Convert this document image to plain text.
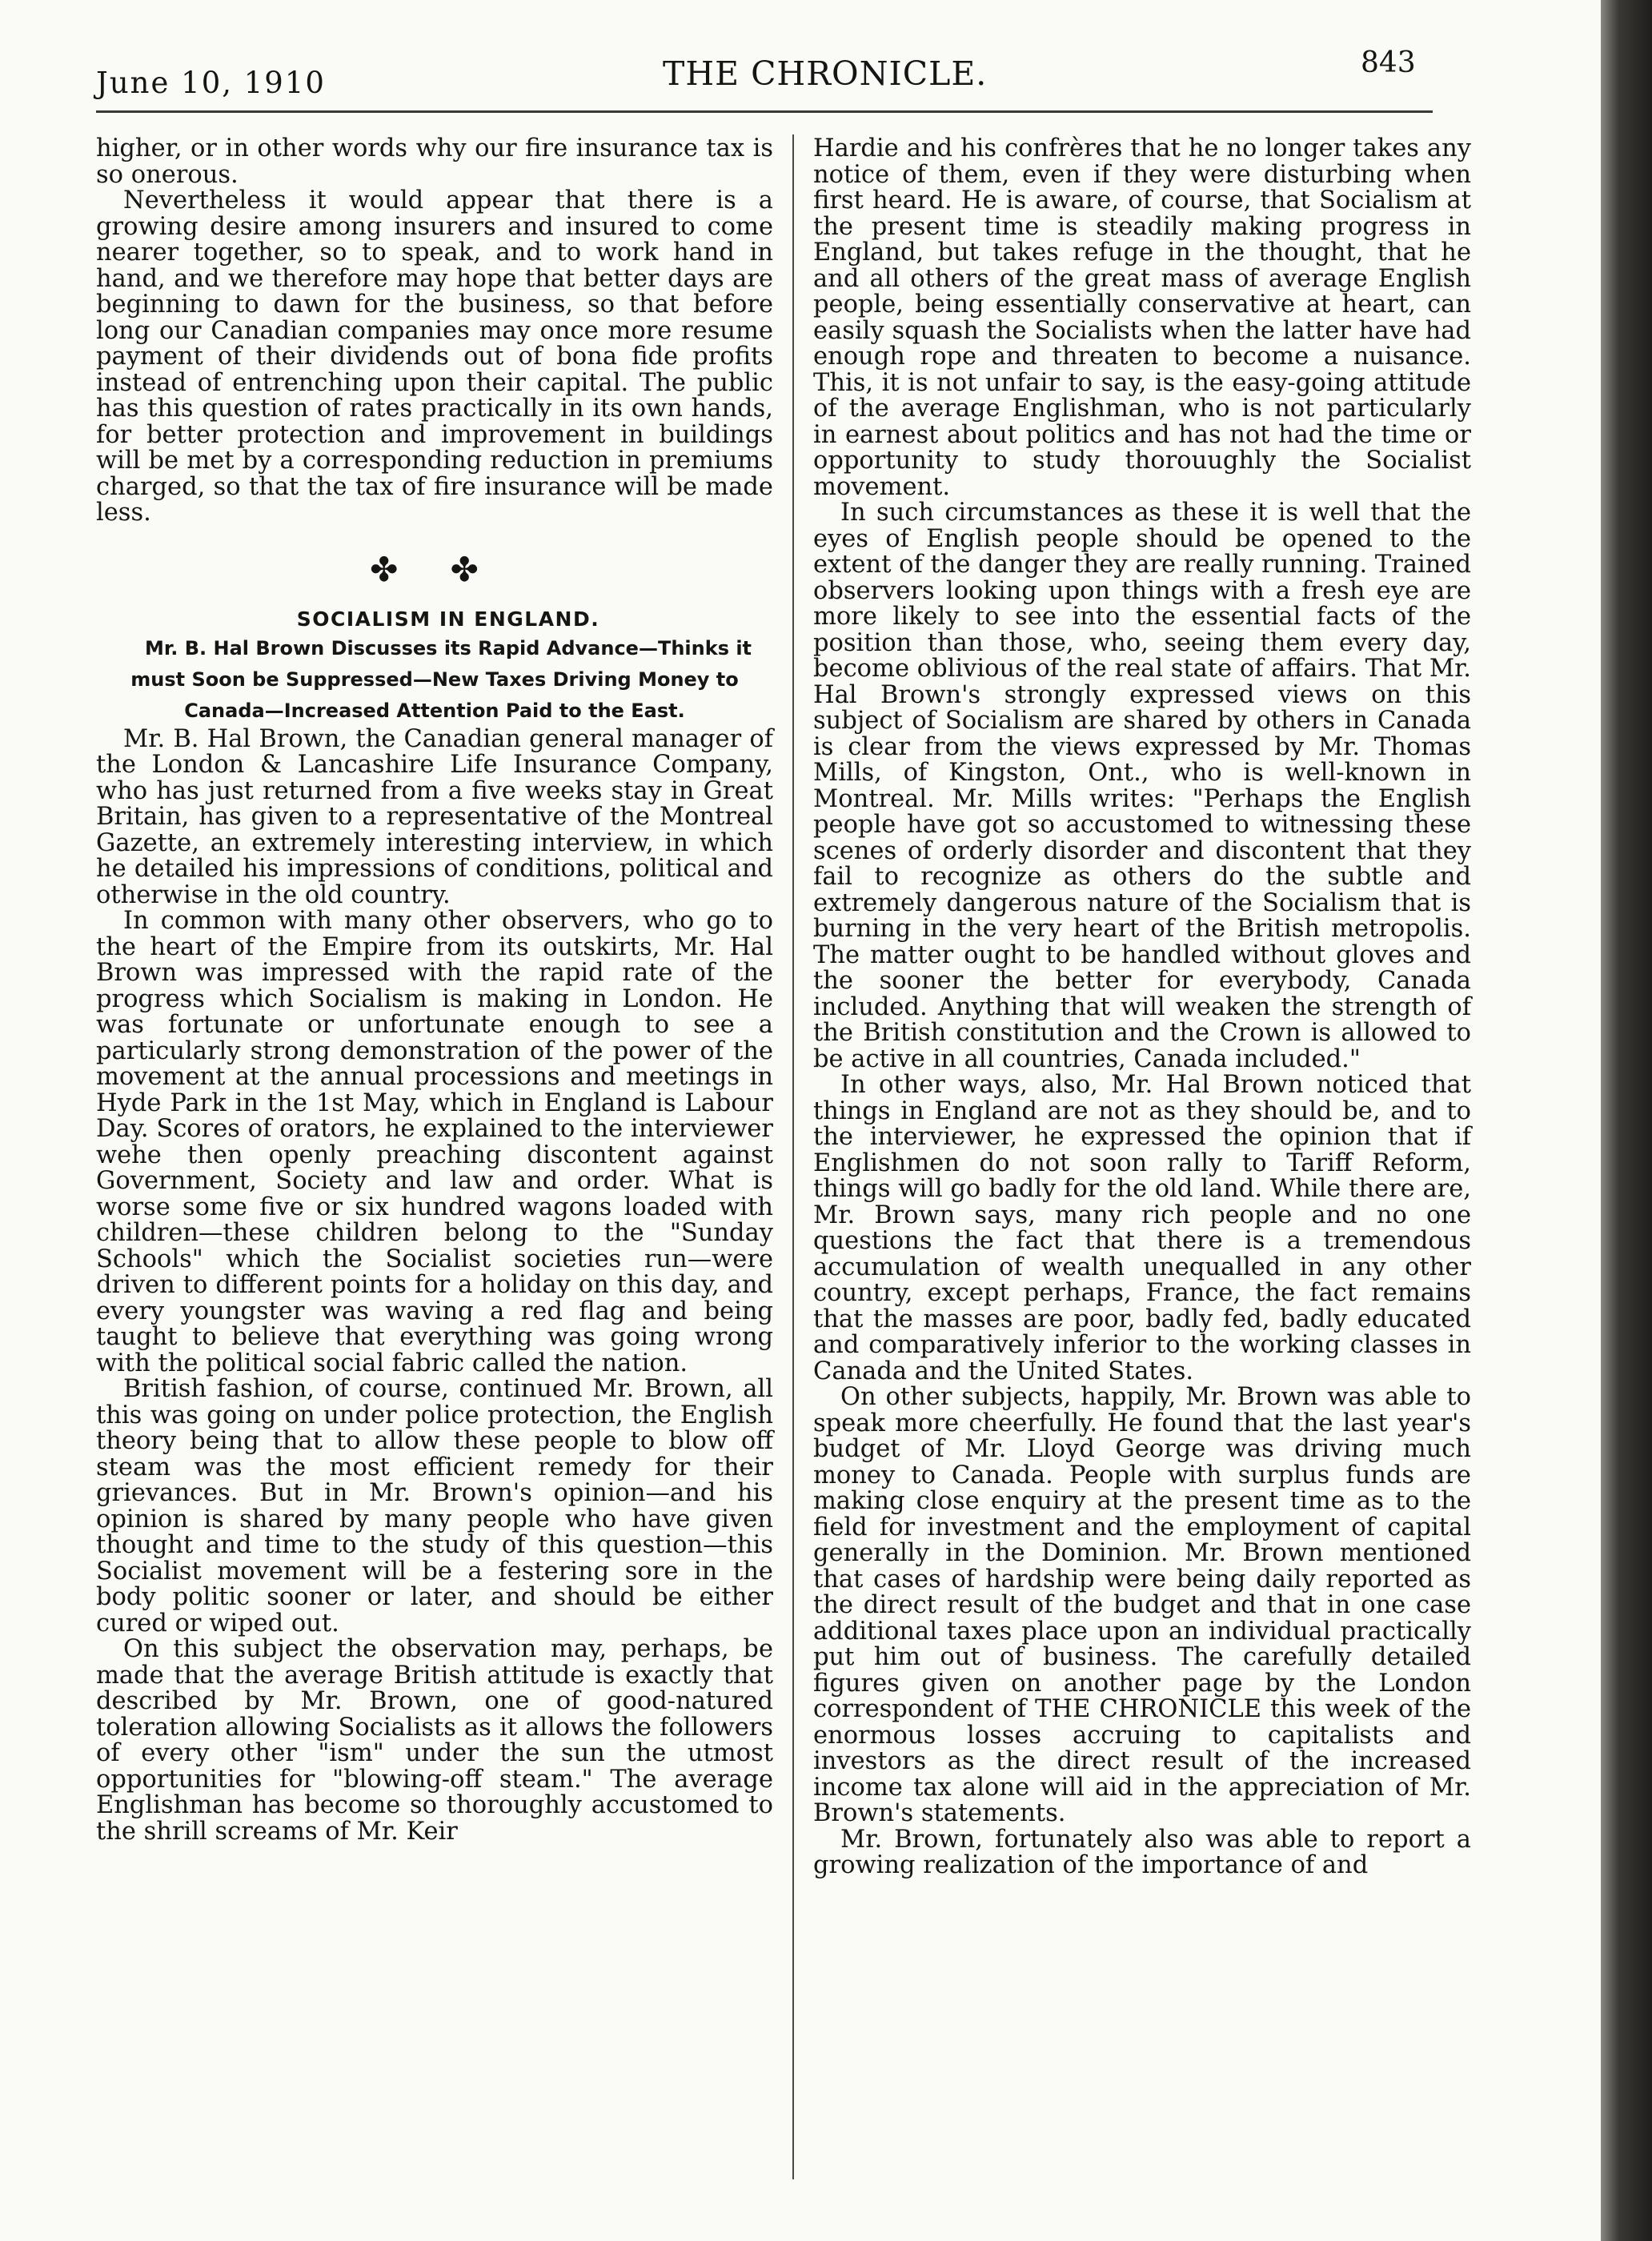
June 10, 1910	THE CHRONICLE.	843

higher, or in other words why our fire insurance tax is so onerous.

Nevertheless it would appear that there is a growing desire among insurers and insured to come nearer together, so to speak, and to work hand in hand, and we therefore may hope that better days are beginning to dawn for the business, so that before long our Canadian companies may once more resume payment of their dividends out of bona fide profits instead of entrenching upon their capital. The public has this question of rates practically in its own hands, for better protection and improvement in buildings will be met by a corresponding reduction in premiums charged, so that the tax of fire insurance will be made less.

✤ ✤

SOCIALISM IN ENGLAND.

Mr. B. Hal Brown Discusses its Rapid Advance—Thinks it must Soon be Suppressed—New Taxes Driving Money to Canada—Increased Attention Paid to the East.

Mr. B. Hal Brown, the Canadian general manager of the London & Lancashire Life Insurance Company, who has just returned from a five weeks stay in Great Britain, has given to a representative of the Montreal Gazette, an extremely interesting interview, in which he detailed his impressions of conditions, political and otherwise in the old country.

In common with many other observers, who go to the heart of the Empire from its outskirts, Mr. Hal Brown was impressed with the rapid rate of the progress which Socialism is making in London. He was fortunate or unfortunate enough to see a particularly strong demonstration of the power of the movement at the annual processions and meetings in Hyde Park in the 1st May, which in England is Labour Day. Scores of orators, he explained to the interviewer wehe then openly preaching discontent against Government, Society and law and order. What is worse some five or six hundred wagons loaded with children—these children belong to the "Sunday Schools" which the Socialist societies run—were driven to different points for a holiday on this day, and every youngster was waving a red flag and being taught to believe that everything was going wrong with the political social fabric called the nation.

British fashion, of course, continued Mr. Brown, all this was going on under police protection, the English theory being that to allow these people to blow off steam was the most efficient remedy for their grievances. But in Mr. Brown's opinion—and his opinion is shared by many people who have given thought and time to the study of this question—this Socialist movement will be a festering sore in the body politic sooner or later, and should be either cured or wiped out.

On this subject the observation may, perhaps, be made that the average British attitude is exactly that described by Mr. Brown, one of good-natured toleration allowing Socialists as it allows the followers of every other "ism" under the sun the utmost opportunities for "blowing-off steam." The average Englishman has become so thoroughly accustomed to the shrill screams of Mr. Keir

Hardie and his confrères that he no longer takes any notice of them, even if they were disturbing when first heard. He is aware, of course, that Socialism at the present time is steadily making progress in England, but takes refuge in the thought, that he and all others of the great mass of average English people, being essentially conservative at heart, can easily squash the Socialists when the latter have had enough rope and threaten to become a nuisance. This, it is not unfair to say, is the easy-going attitude of the average Englishman, who is not particularly in earnest about politics and has not had the time or opportunity to study thorouughly the Socialist movement.

In such circumstances as these it is well that the eyes of English people should be opened to the extent of the danger they are really running. Trained observers looking upon things with a fresh eye are more likely to see into the essential facts of the position than those, who, seeing them every day, become oblivious of the real state of affairs. That Mr. Hal Brown's strongly expressed views on this subject of Socialism are shared by others in Canada is clear from the views expressed by Mr. Thomas Mills, of Kingston, Ont., who is well-known in Montreal. Mr. Mills writes: "Perhaps the English people have got so accustomed to witnessing these scenes of orderly disorder and discontent that they fail to recognize as others do the subtle and extremely dangerous nature of the Socialism that is burning in the very heart of the British metropolis. The matter ought to be handled without gloves and the sooner the better for everybody, Canada included. Anything that will weaken the strength of the British constitution and the Crown is allowed to be active in all countries, Canada included."

In other ways, also, Mr. Hal Brown noticed that things in England are not as they should be, and to the interviewer, he expressed the opinion that if Englishmen do not soon rally to Tariff Reform, things will go badly for the old land. While there are, Mr. Brown says, many rich people and no one questions the fact that there is a tremendous accumulation of wealth unequalled in any other country, except perhaps, France, the fact remains that the masses are poor, badly fed, badly educated and comparatively inferior to the working classes in Canada and the United States.

On other subjects, happily, Mr. Brown was able to speak more cheerfully. He found that the last year's budget of Mr. Lloyd George was driving much money to Canada. People with surplus funds are making close enquiry at the present time as to the field for investment and the employment of capital generally in the Dominion. Mr. Brown mentioned that cases of hardship were being daily reported as the direct result of the budget and that in one case additional taxes place upon an individual practically put him out of business. The carefully detailed figures given on another page by the London correspondent of THE CHRONICLE this week of the enormous losses accruing to capitalists and investors as the direct result of the increased income tax alone will aid in the appreciation of Mr. Brown's statements.

Mr. Brown, fortunately also was able to report a growing realization of the importance of and
